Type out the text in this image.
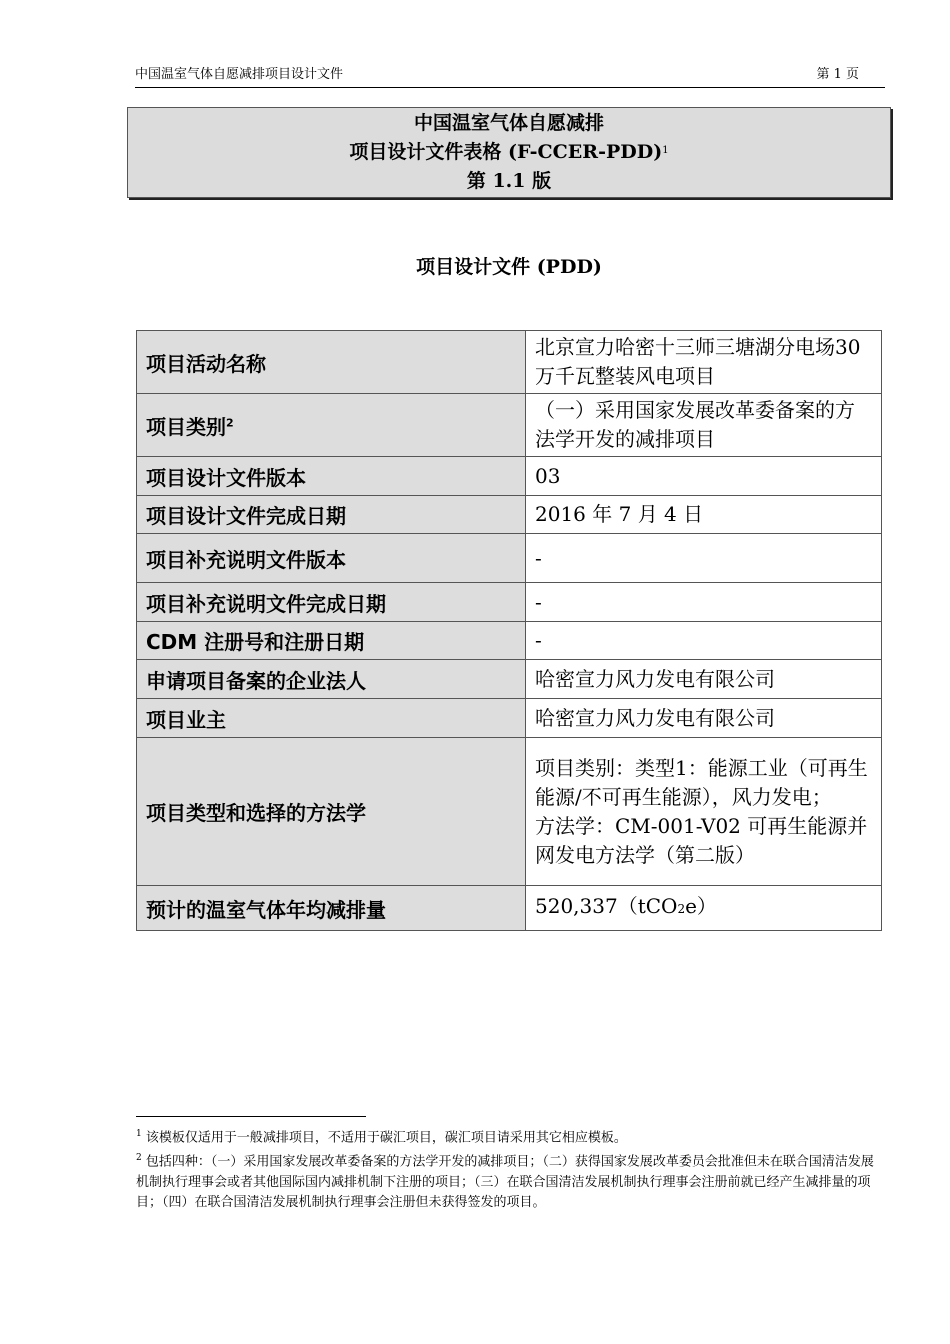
中国温室气体自愿减排项目设计文件	第 1 页
中国温室气体自愿减排
项目设计文件表格 (F-CCER-PDD)$^1$
第 1.1 版
项目设计文件 (PDD)
项目活动名称	北京宣力哈密十三师三塘湖分电场30 万千瓦整装风电项目
项目类别$^2$	（一）采用国家发展改革委备案的方法学开发的减排项目
项目设计文件版本	03
项目设计文件完成日期	2016 年 7 月 4 日
项目补充说明文件版本	-
项目补充说明文件完成日期	-
CDM 注册号和注册日期	-
申请项目备案的企业法人	哈密宣力风力发电有限公司
项目业主	哈密宣力风力发电有限公司
项目类型和选择的方法学	项目类别：类型1：能源工业（可再生能源/不可再生能源），风力发电；
方法学：CM-001-V02 可再生能源并网发电方法学（第二版）

预计的温室气体年均减排量	520,337（tCO2e）

$^1$ 该模板仅适用于一般减排项目，不适用于碳汇项目，碳汇项目请采用其它相应模板。

$^2$ 包括四种：（一）采用国家发展改革委备案的方法学开发的减排项目；（二）获得国家发展改革委员会批准但未在联合国清洁发展机制执行理事会或者其他国际国内减排机制下注册的项目；（三）在联合国清洁发展机制执行理事会注册前就已经产生减排量的项目；（四）在联合国清洁发展机制执行理事会注册但未获得签发的项目。
